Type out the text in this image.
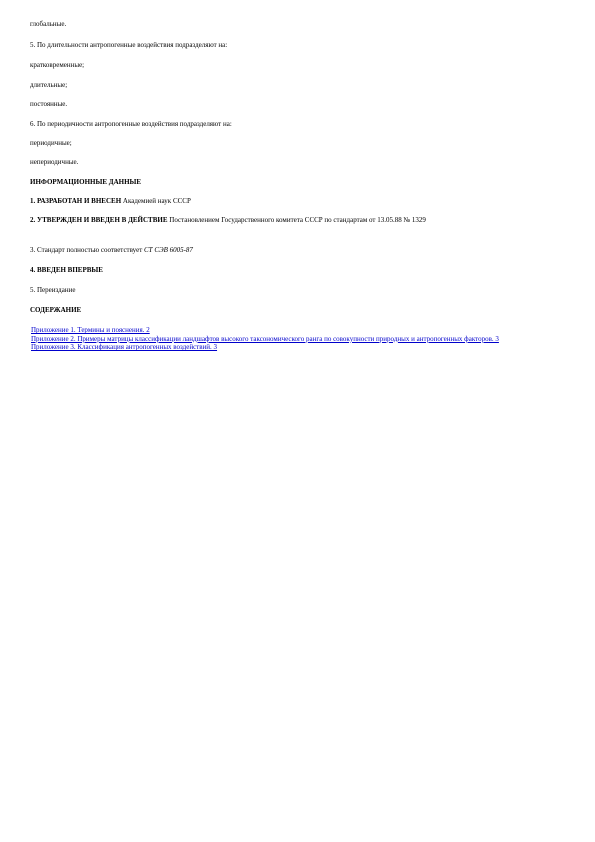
глобальные.
5. По длительности антропогенные воздействия подразделяют на:
кратковременные;
длительные;
постоянные.
6. По периодичности антропогенные воздействия подразделяют на:
периодичные;
непериодичные.
ИНФОРМАЦИОННЫЕ ДАННЫЕ
1. РАЗРАБОТАН И ВНЕСЕН Академией наук СССР
2. УТВЕРЖДЕН И ВВЕДЕН В ДЕЙСТВИЕ Постановлением Государственного комитета СССР по стандартам от 13.05.88 № 1329
3. Стандарт полностью соответствует СТ СЭВ 6005-87
4. ВВЕДЕН ВПЕРВЫЕ
5. Переиздание
СОДЕРЖАНИЕ
Приложение 1. Термины и пояснения. 2
Приложение 2. Примеры матрицы классификации ландшафтов высокого таксономического ранга по совокупности природных и антропогенных факторов. 3
Приложение 3. Классификация антропогенных воздействий. 3
